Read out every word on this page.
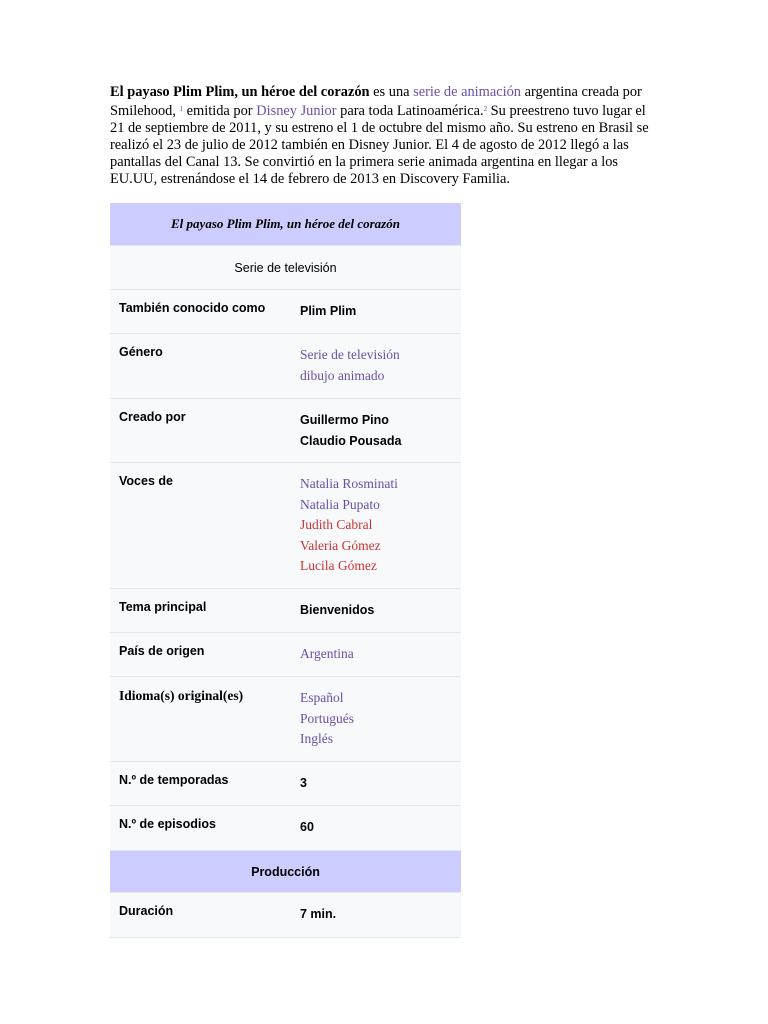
El payaso Plim Plim, un héroe del corazón es una serie de animación argentina creada por Smilehood, $^1$ emitida por Disney Junior para toda Latinoamérica.$^2$ Su preestreno tuvo lugar el 21 de septiembre de 2011, y su estreno el 1 de octubre del mismo año. Su estreno en Brasil se realizó el 23 de julio de 2012 también en Disney Junior. El 4 de agosto de 2012 llegó a las pantallas del Canal 13. Se convirtió en la primera serie animada argentina en llegar a los EU.UU, estrenándose el 14 de febrero de 2013 en Discovery Familia.

El payaso Plim Plim, un héroe del corazón
Serie de televisión
También conocido como	Plim Plim
Género	Serie de televisión
dibujo animado
Creado por	Guillermo Pino
Claudio Pousada
Voces de	Natalia Rosminati
Natalia Pupato
Judith Cabral
Valeria Gómez
Lucila Gómez
Tema principal	Bienvenidos
País de origen	Argentina
Idioma(s) original(es)	Español
Portugués
Inglés
N.º de temporadas	3
N.º de episodios	60
Producción
Duración	7 min.
